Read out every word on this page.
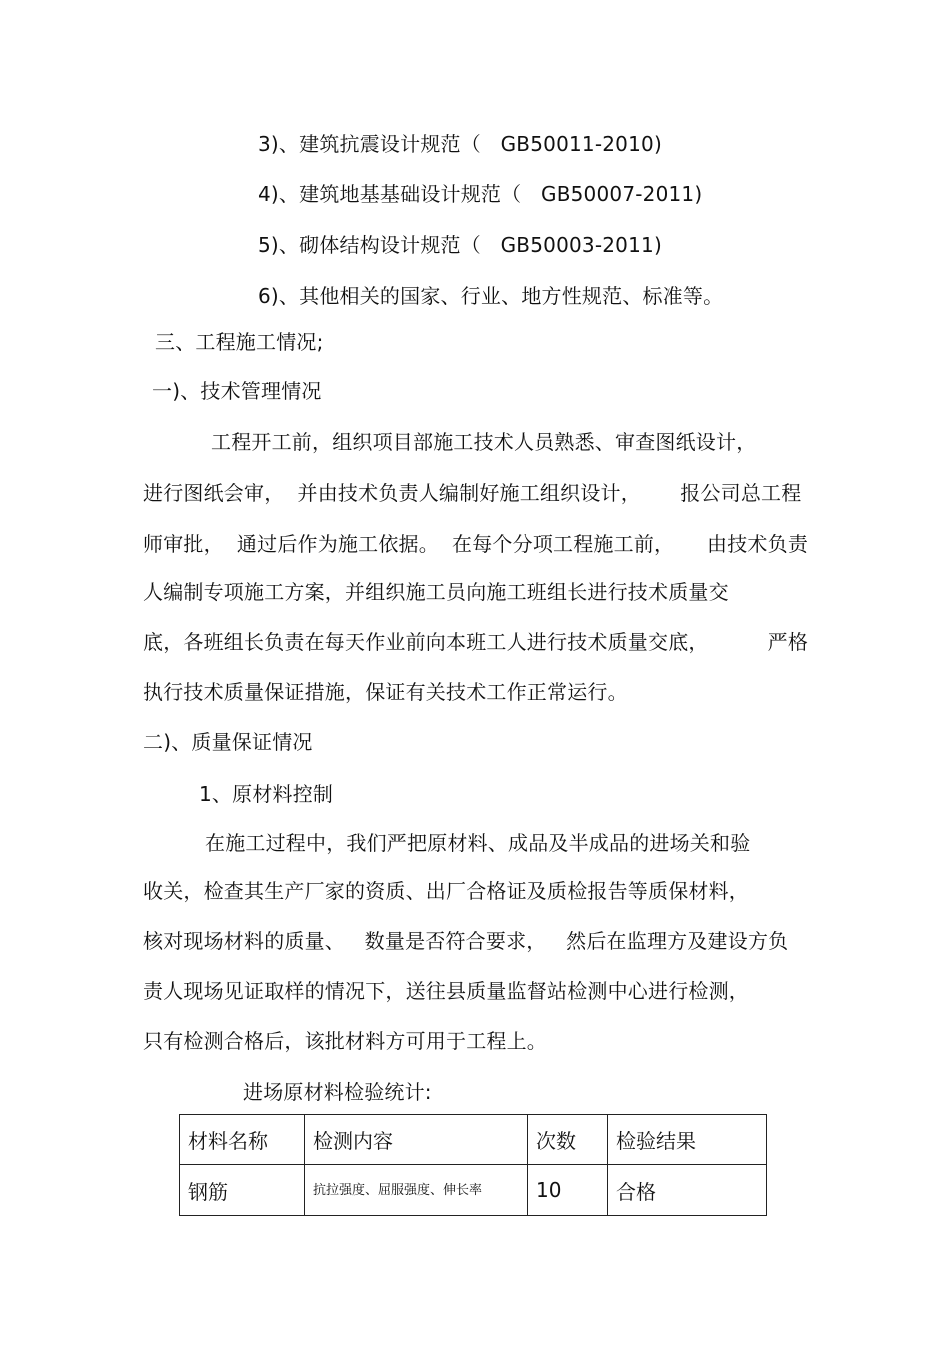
3)、建筑抗震设计规范（   GB50011-2010)
4)、建筑地基基础设计规范（   GB50007-2011)
5)、砌体结构设计规范（   GB50003-2011)
6)、其他相关的国家、行业、地方性规范、标准等。
三、工程施工情况;
一)、技术管理情况
工程开工前，组织项目部施工技术人员熟悉、审查图纸设计，
进行图纸会审，  并由技术负责人编制好施工组织设计，      报公司总工程
师审批，  通过后作为施工依据。  在每个分项工程施工前，     由技术负责
人编制专项施工方案，并组织施工员向施工班组长进行技术质量交
底，各班组长负责在每天作业前向本班工人进行技术质量交底，         严格
执行技术质量保证措施，保证有关技术工作正常运行。
二)、质量保证情况
1、原材料控制
在施工过程中，我们严把原材料、成品及半成品的进场关和验
收关，检查其生产厂家的资质、出厂合格证及质检报告等质保材料，
核对现场材料的质量、   数量是否符合要求，   然后在监理方及建设方负
责人现场见证取样的情况下，送往县质量监督站检测中心进行检测，
只有检测合格后，该批材料方可用于工程上。
进场原材料检验统计:
材料名称	检测内容	次数	检验结果
钢筋	抗拉强度、屈服强度、伸长率	10	合格
